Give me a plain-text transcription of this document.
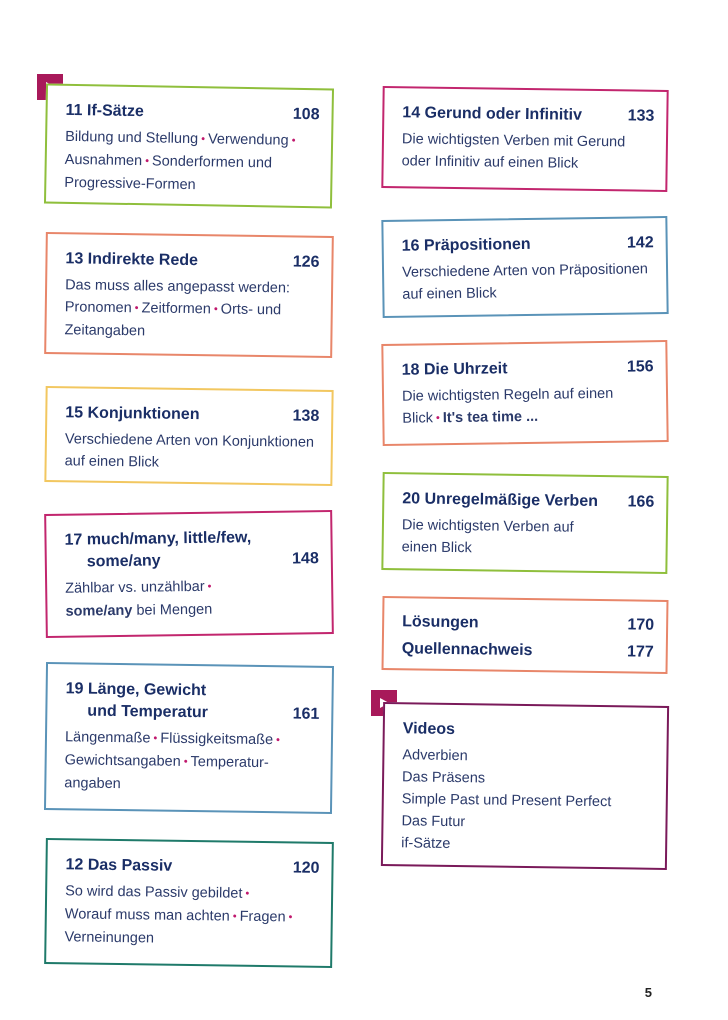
11 If-Sätze	108
Bildung und Stellung • Verwendung •
Ausnahmen • Sonderformen und Progressive-Formen
13 Indirekte Rede	126
Das muss alles angepasst werden:
Pronomen • Zeitformen • Orts- und Zeitangaben
15 Konjunktionen	138
Verschiedene Arten von Konjunktionen auf einen Blick
17 much/many, little/few,
some/any	148
Zählbar vs. unzählbar •
some/any bei Mengen
19 Länge, Gewicht
und Temperatur	161
Längenmaße • Flüssigkeitsmaße •
Gewichtsangaben • Temperatur- angaben
12 Das Passiv	120
So wird das Passiv gebildet •
Worauf muss man achten • Fragen •
Verneinungen
14 Gerund oder Infinitiv	133
Die wichtigsten Verben mit Gerund oder Infinitiv auf einen Blick
16 Präpositionen	142
Verschiedene Arten von Präpositionen auf einen Blick
18 Die Uhrzeit	156
Die wichtigsten Regeln auf einen Blick • It's tea time ...
20 Unregelmäßige Verben 166
Die wichtigsten Verben auf einen Blick
Lösungen	170
Quellennachweis	177
Videos
Adverbien
Das Präsens
Simple Past und Present Perfect
Das Futur
if-Sätze
5
